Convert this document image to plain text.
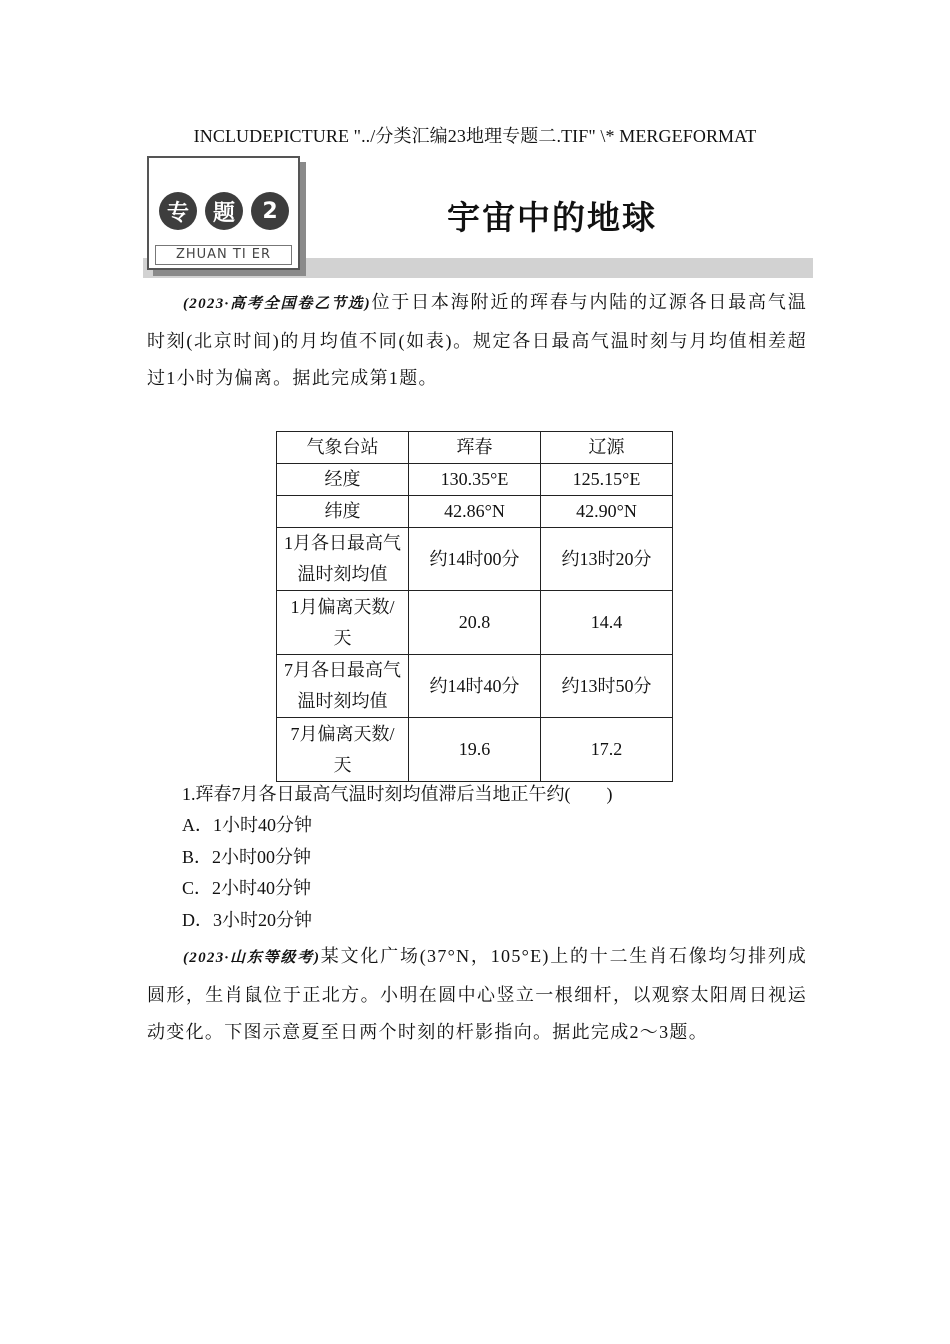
INCLUDEPICTURE "../分类汇编23地理专题二.TIF" \* MERGEFORMAT
专	题	2
ZHUAN TI ER
宇宙中的地球
(2023·高考全国卷乙节选)位于日本海附近的珲春与内陆的辽源各日最高气温时刻(北京时间)的月均值不同(如表)。规定各日最高气温时刻与月均值相差超过1小时为偏离。据此完成第1题。
气象台站	珲春	辽源
经度	130.35°E	125.15°E
纬度	42.86°N	42.90°N
1月各日最高气温时刻均值	约14时00分	约13时20分
1月偏离天数/天	20.8	14.4
7月各日最高气温时刻均值	约14时40分	约13时50分
7月偏离天数/天	19.6	17.2
1.珲春7月各日最高气温时刻均值滞后当地正午约(　　)
A．1小时40分钟
B．2小时00分钟
C．2小时40分钟
D．3小时20分钟
(2023·山东等级考)某文化广场(37°N，105°E)上的十二生肖石像均匀排列成圆形，生肖鼠位于正北方。小明在圆中心竖立一根细杆，以观察太阳周日视运动变化。下图示意夏至日两个时刻的杆影指向。据此完成2～3题。
